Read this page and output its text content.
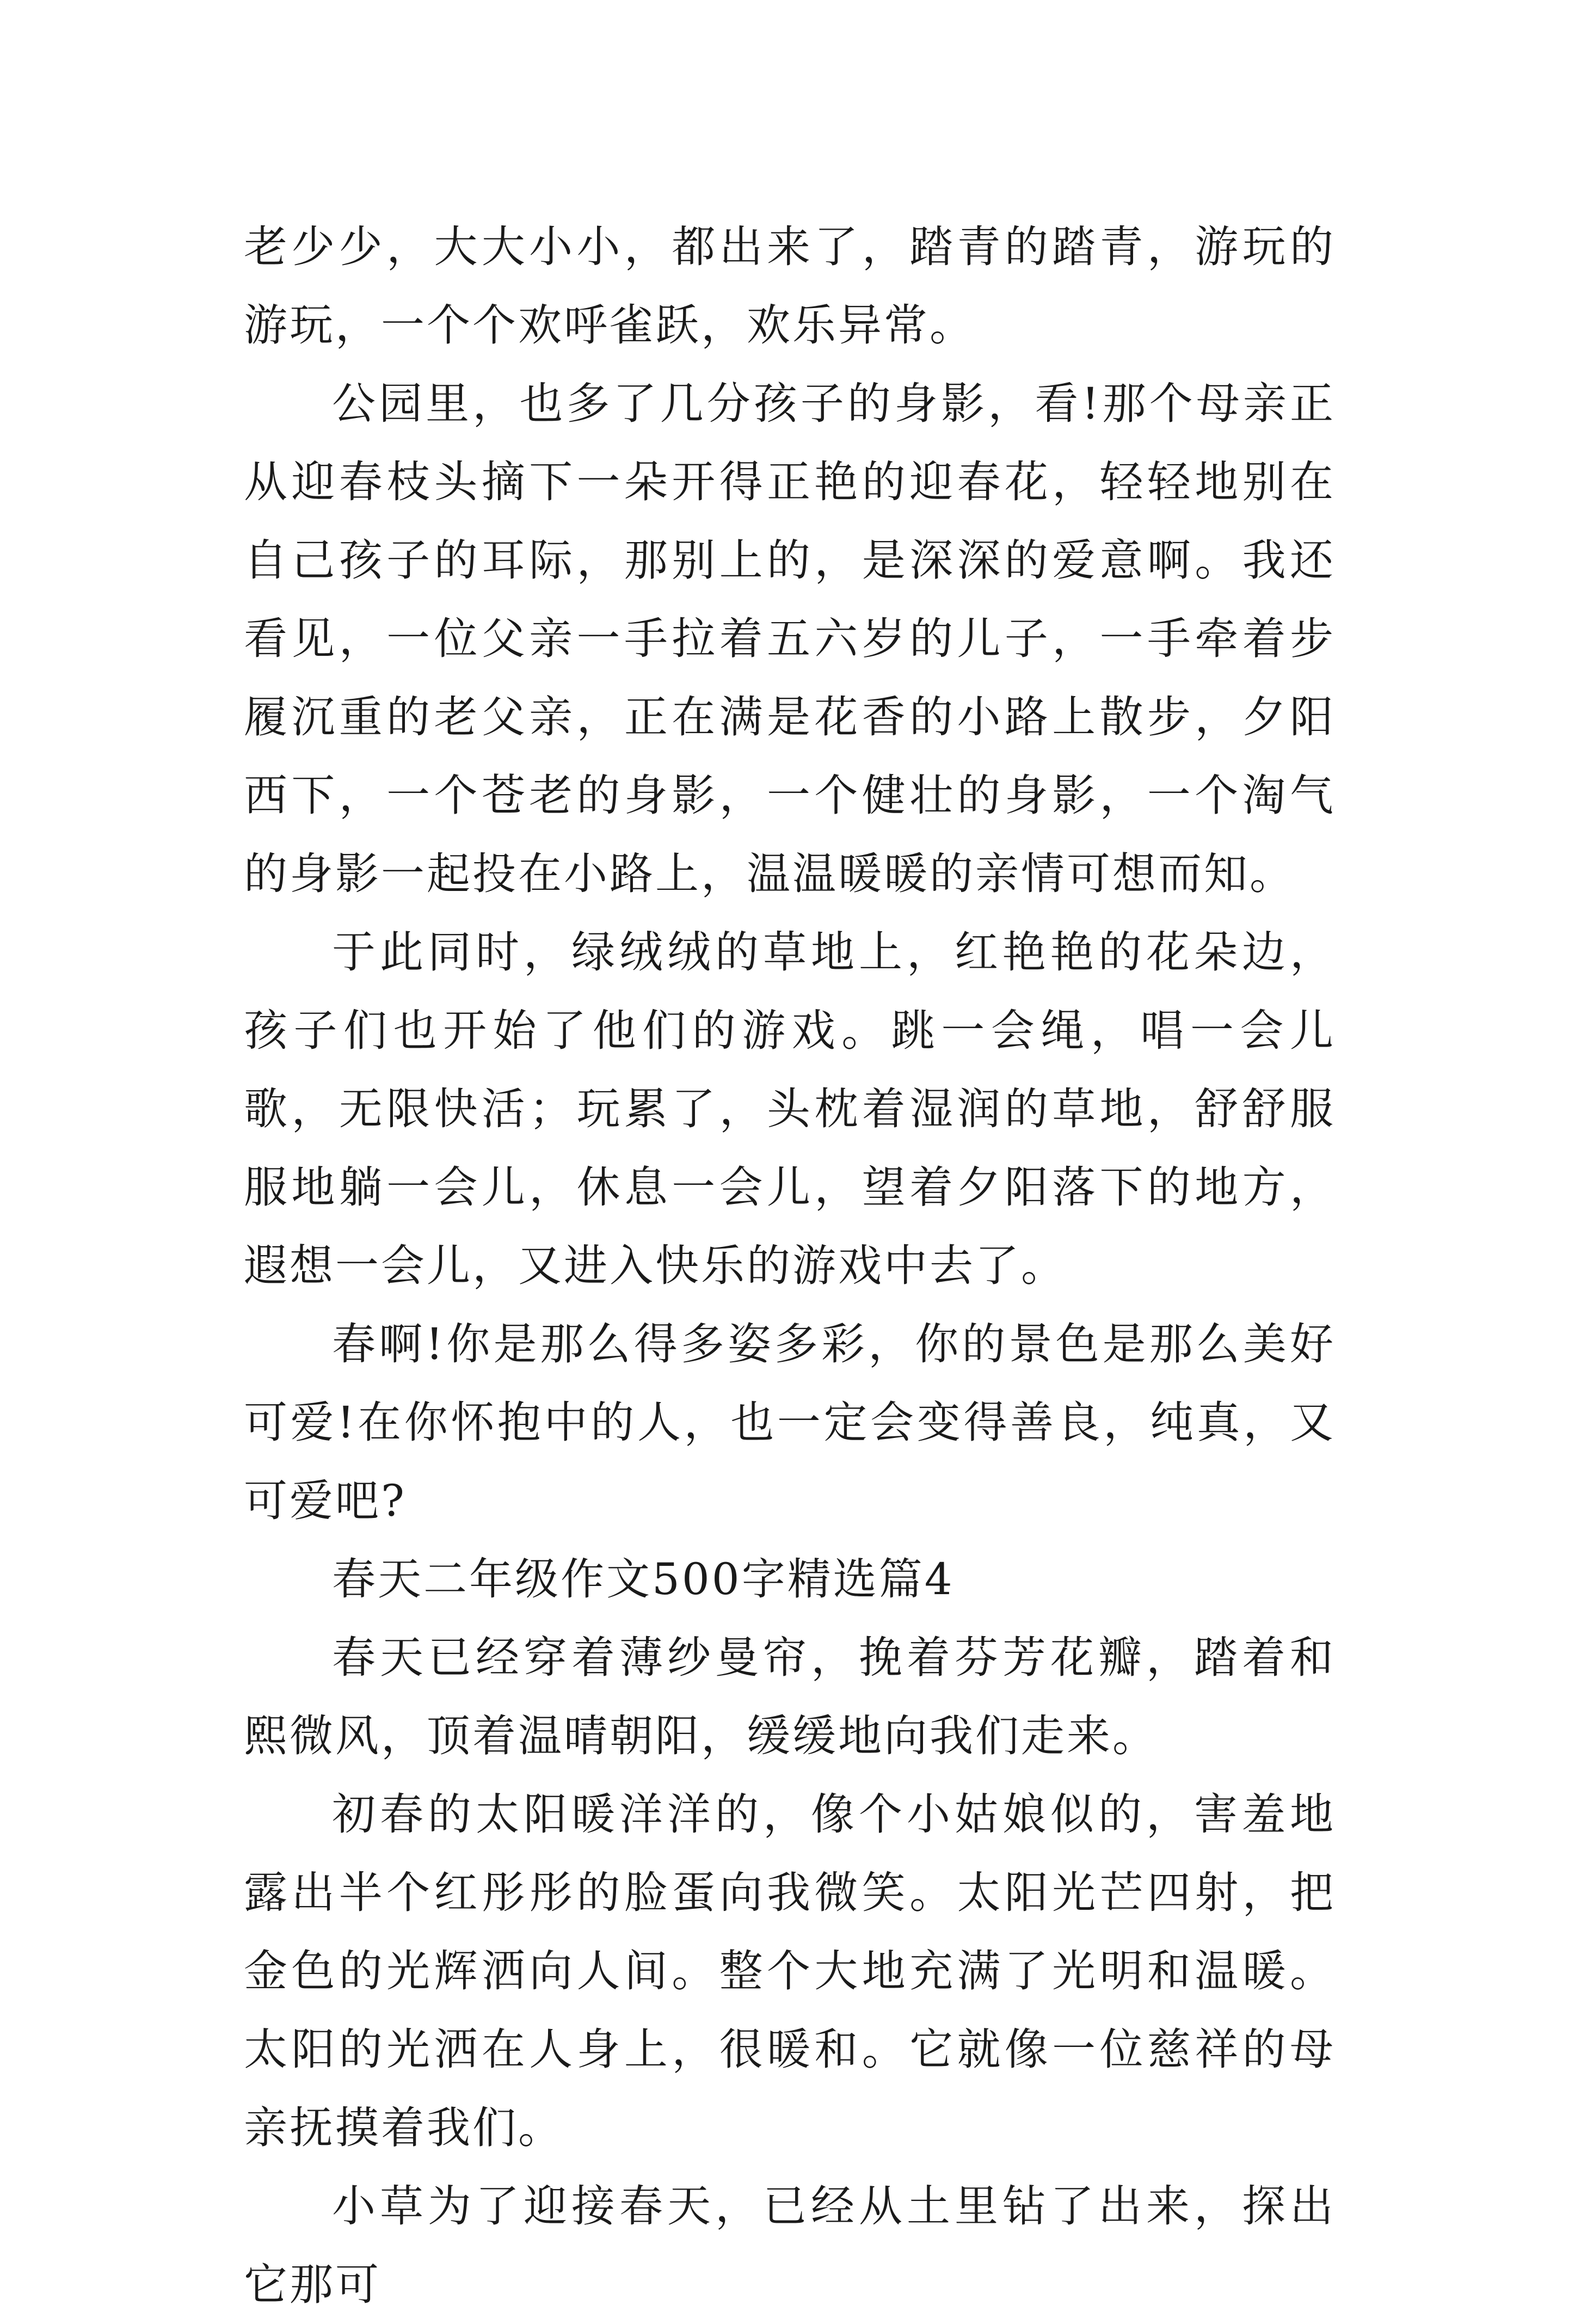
老少少，大大小小，都出来了，踏青的踏青，游玩的游玩，一个个欢呼雀跃，欢乐异常。

公园里，也多了几分孩子的身影，看!那个母亲正从迎春枝头摘下一朵开得正艳的迎春花，轻轻地别在自己孩子的耳际，那别上的，是深深的爱意啊。我还看见，一位父亲一手拉着五六岁的儿子，一手牵着步履沉重的老父亲，正在满是花香的小路上散步，夕阳西下，一个苍老的身影，一个健壮的身影，一个淘气的身影一起投在小路上，温温暖暖的亲情可想而知。

于此同时，绿绒绒的草地上，红艳艳的花朵边，孩子们也开始了他们的游戏。跳一会绳，唱一会儿歌，无限快活；玩累了，头枕着湿润的草地，舒舒服服地躺一会儿，休息一会儿，望着夕阳落下的地方，遐想一会儿，又进入快乐的游戏中去了。

春啊!你是那么得多姿多彩，你的景色是那么美好可爱!在你怀抱中的人，也一定会变得善良，纯真，又可爱吧?

春天二年级作文500字精选篇4

春天已经穿着薄纱曼帘，挽着芬芳花瓣，踏着和熙微风，顶着温晴朝阳，缓缓地向我们走来。

初春的太阳暖洋洋的，像个小姑娘似的，害羞地露出半个红彤彤的脸蛋向我微笑。太阳光芒四射，把金色的光辉洒向人间。整个大地充满了光明和温暖。太阳的光洒在人身上，很暖和。它就像一位慈祥的母亲抚摸着我们。

小草为了迎接春天，已经从土里钻了出来，探出它那可
